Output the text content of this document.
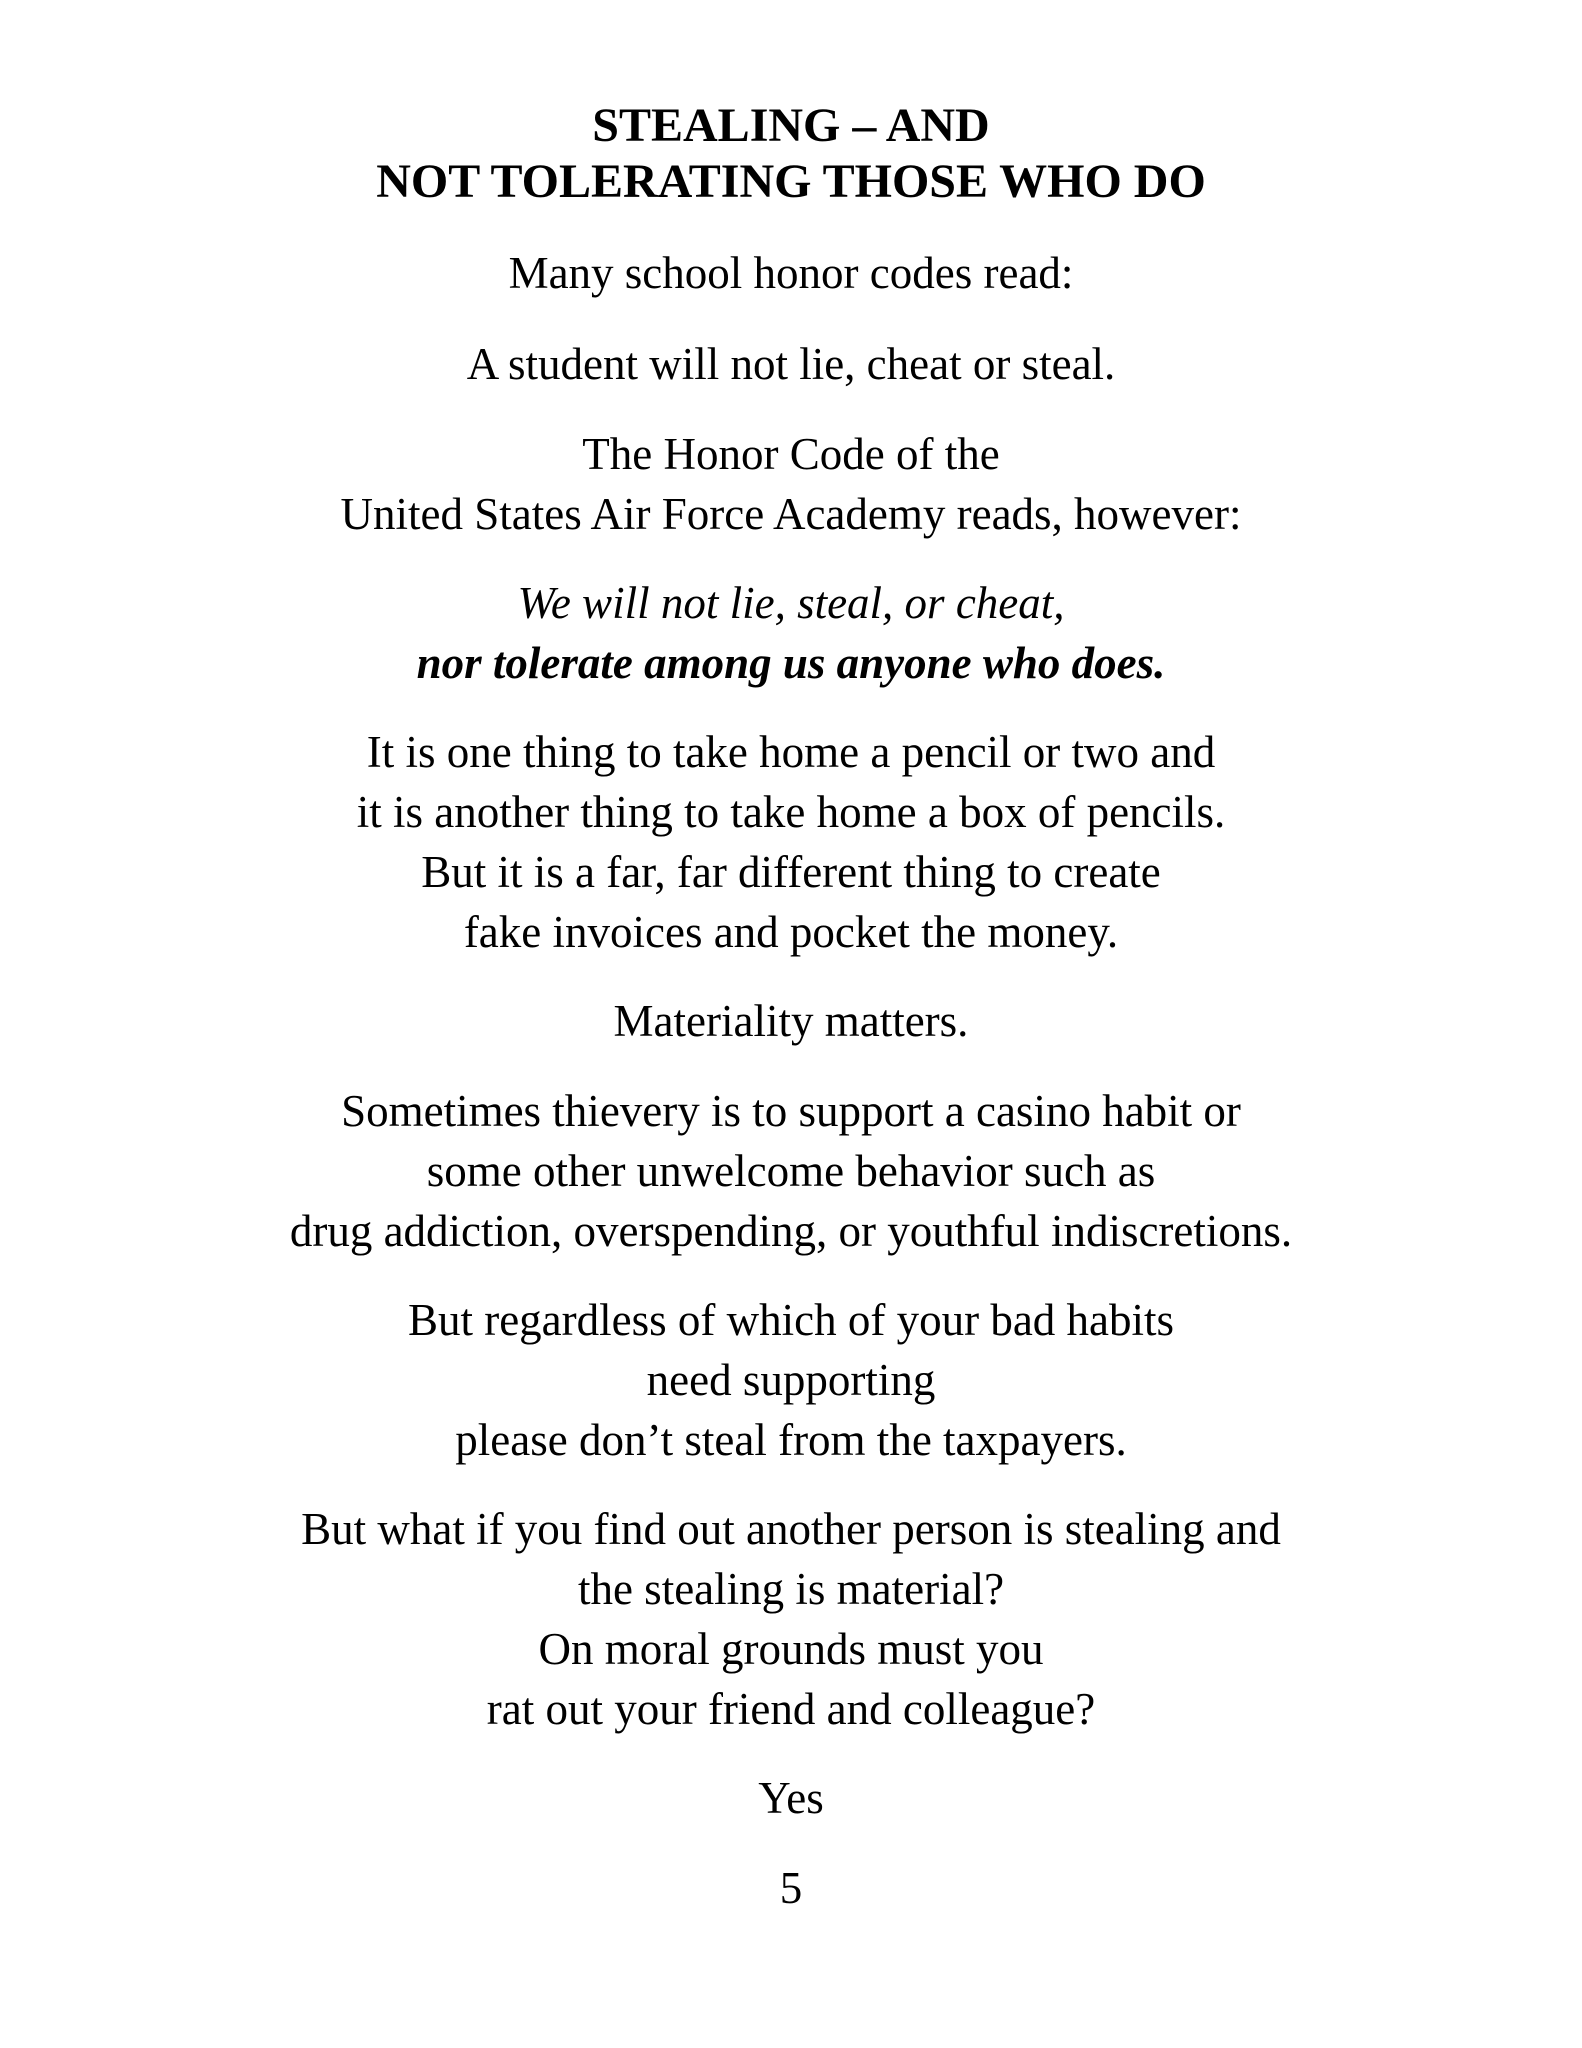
STEALING – AND
NOT TOLERATING THOSE WHO DO

Many school honor codes read:

A student will not lie, cheat or steal.

The Honor Code of the
United States Air Force Academy reads, however:

We will not lie, steal, or cheat,
nor tolerate among us anyone who does.

It is one thing to take home a pencil or two and
it is another thing to take home a box of pencils.
But it is a far, far different thing to create
fake invoices and pocket the money.

Materiality matters.

Sometimes thievery is to support a casino habit or
some other unwelcome behavior such as
drug addiction, overspending, or youthful indiscretions.

But regardless of which of your bad habits
need supporting
please don’t steal from the taxpayers.

But what if you find out another person is stealing and
the stealing is material?
On moral grounds must you
rat out your friend and colleague?

Yes

5
